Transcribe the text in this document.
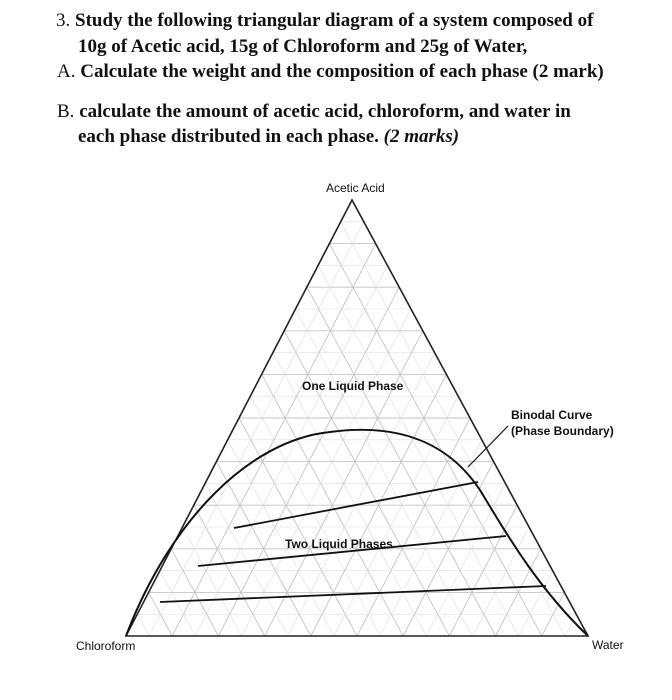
3. Study the following triangular diagram of a system composed of
10g of Acetic acid, 15g of Chloroform and 25g of Water,
A. Calculate the weight and the composition of each phase (2 mark)
B. calculate the amount of acetic acid, chloroform, and water in
each phase distributed in each phase. (2 marks)
Acetic Acid
Chloroform	Water
One Liquid Phase
Two Liquid Phases
Binodal Curve
(Phase Boundary)
